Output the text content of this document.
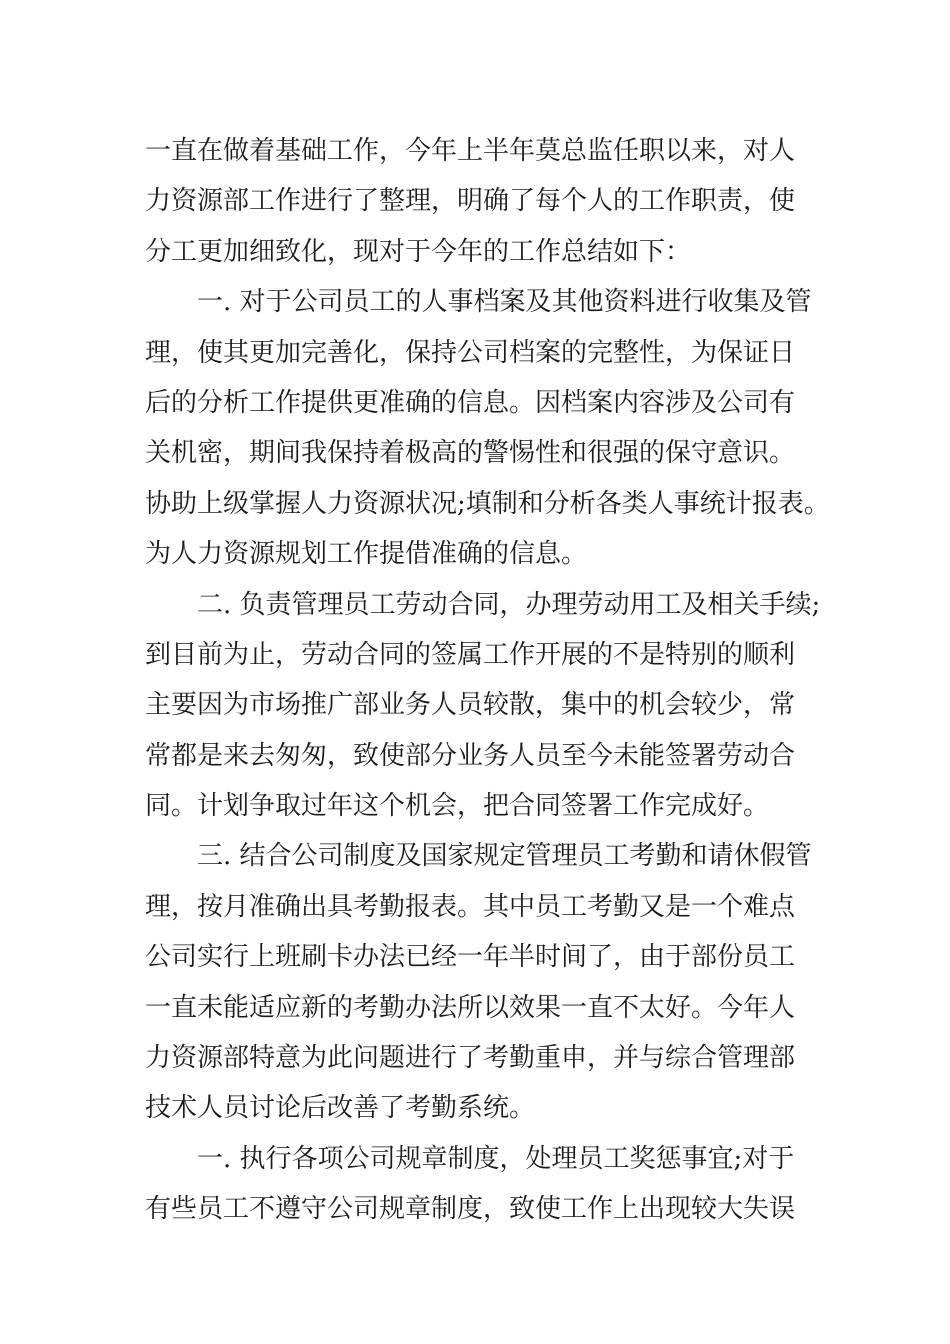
一直在做着基础工作，今年上半年莫总监任职以来，对人
力资源部工作进行了整理，明确了每个人的工作职责，使
分工更加细致化，现对于今年的工作总结如下：
一. 对于公司员工的人事档案及其他资料进行收集及管
理，使其更加完善化，保持公司档案的完整性，为保证日
后的分析工作提供更准确的信息。因档案内容涉及公司有
关机密，期间我保持着极高的警惕性和很强的保守意识。
协助上级掌握人力资源状况;填制和分析各类人事统计报表。
为人力资源规划工作提借准确的信息。
二. 负责管理员工劳动合同，办理劳动用工及相关手续;
到目前为止，劳动合同的签属工作开展的不是特别的顺利
主要因为市场推广部业务人员较散，集中的机会较少，常
常都是来去匆匆，致使部分业务人员至今未能签署劳动合
同。计划争取过年这个机会，把合同签署工作完成好。
三. 结合公司制度及国家规定管理员工考勤和请休假管
理，按月准确出具考勤报表。其中员工考勤又是一个难点
公司实行上班刷卡办法已经一年半时间了，由于部份员工
一直未能适应新的考勤办法所以效果一直不太好。今年人
力资源部特意为此问题进行了考勤重申，并与综合管理部
技术人员讨论后改善了考勤系统。
一. 执行各项公司规章制度，处理员工奖惩事宜;对于
有些员工不遵守公司规章制度，致使工作上出现较大失误
